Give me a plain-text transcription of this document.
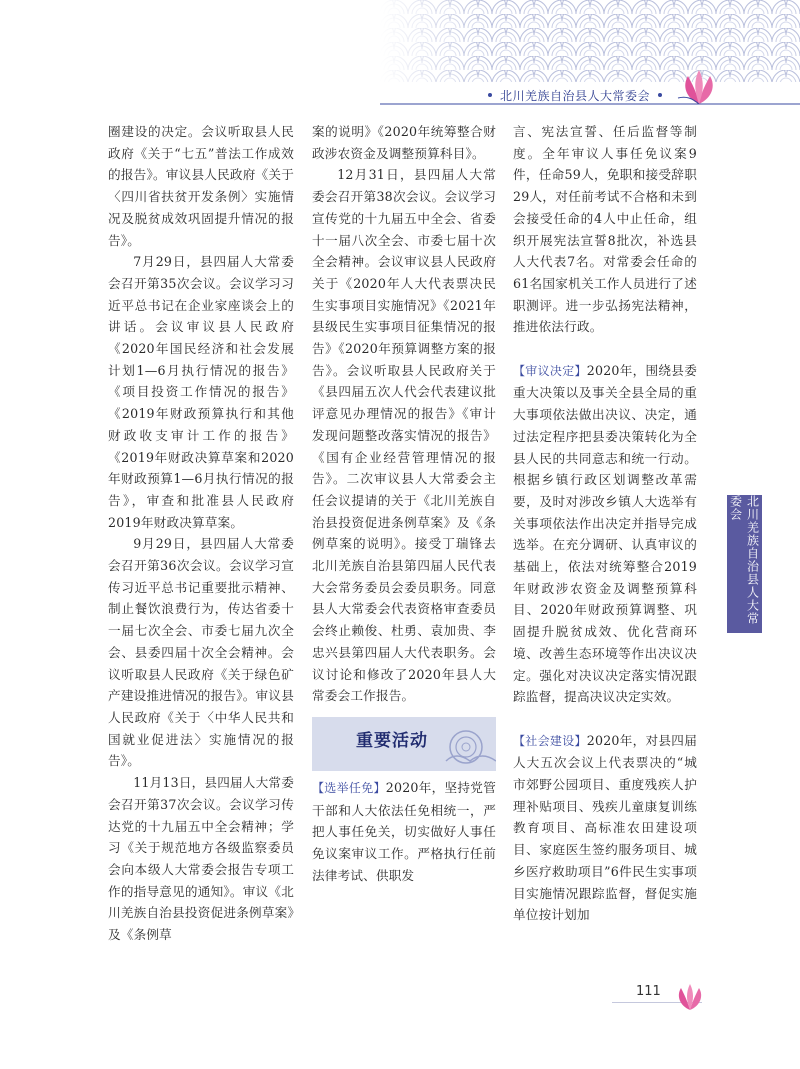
北川羌族自治县人大常委会

圈建设的决定。会议听取县人民政府《关于“七五”普法工作成效的报告》。审议县人民政府《关于〈四川省扶贫开发条例〉实施情况及脱贫成效巩固提升情况的报告》。

7月29日，县四届人大常委会召开第35次会议。会议学习习近平总书记在企业家座谈会上的讲话。会议审议县人民政府《2020年国民经济和社会发展计划1—6月执行情况的报告》《项目投资工作情况的报告》《2019年财政预算执行和其他财政收支审计工作的报告》《2019年财政决算草案和2020年财政预算1—6月执行情况的报告》，审查和批准县人民政府2019年财政决算草案。

9月29日，县四届人大常委会召开第36次会议。会议学习宣传习近平总书记重要批示精神、制止餐饮浪费行为，传达省委十一届七次全会、市委七届九次全会、县委四届十次全会精神。会议听取县人民政府《关于绿色矿产建设推进情况的报告》。审议县人民政府《关于〈中华人民共和国就业促进法〉实施情况的报告》。

11月13日，县四届人大常委会召开第37次会议。会议学习传达党的十九届五中全会精神；学习《关于规范地方各级监察委员会向本级人大常委会报告专项工作的指导意见的通知》。审议《北川羌族自治县投资促进条例草案》及《条例草

案的说明》《2020年统筹整合财政涉农资金及调整预算科目》。

12月31日，县四届人大常委会召开第38次会议。会议学习宣传党的十九届五中全会、省委十一届八次全会、市委七届十次全会精神。会议审议县人民政府关于《2020年人大代表票决民生实事项目实施情况》《2021年县级民生实事项目征集情况的报告》《2020年预算调整方案的报告》。会议听取县人民政府关于《县四届五次人代会代表建议批评意见办理情况的报告》《审计发现问题整改落实情况的报告》《国有企业经营管理情况的报告》。二次审议县人大常委会主任会议提请的关于《北川羌族自治县投资促进条例草案》及《条例草案的说明》。接受丁瑞锋去北川羌族自治县第四届人民代表大会常务委员会委员职务。同意县人大常委会代表资格审查委员会终止赖俊、杜勇、袁加贵、李忠兴县第四届人大代表职务。会议讨论和修改了2020年县人大常委会工作报告。

重要活动

【选举任免】2020年，坚持党管干部和人大依法任免相统一，严把人事任免关，切实做好人事任免议案审议工作。严格执行任前法律考试、供职发

言、宪法宣誓、任后监督等制度。全年审议人事任免议案9件，任命59人，免职和接受辞职29人，对任前考试不合格和未到会接受任命的4人中止任命，组织开展宪法宣誓8批次，补选县人大代表7名。对常委会任命的61名国家机关工作人员进行了述职测评。进一步弘扬宪法精神，推进依法行政。

【审议决定】2020年，围绕县委重大决策以及事关全县全局的重大事项依法做出决议、决定，通过法定程序把县委决策转化为全县人民的共同意志和统一行动。根据乡镇行政区划调整改革需要，及时对涉改乡镇人大选举有关事项依法作出决定并指导完成选举。在充分调研、认真审议的基础上，依法对统筹整合2019年财政涉农资金及调整预算科目、2020年财政预算调整、巩固提升脱贫成效、优化营商环境、改善生态环境等作出决议决定。强化对决议决定落实情况跟踪监督，提高决议决定实效。

【社会建设】2020年，对县四届人大五次会议上代表票决的“城市郊野公园项目、重度残疾人护理补贴项目、残疾儿童康复训练教育项目、高标准农田建设项目、家庭医生签约服务项目、城乡医疗救助项目”6件民生实事项目实施情况跟踪监督，督促实施单位按计划加

北川羌族自治县人大常委会
111
